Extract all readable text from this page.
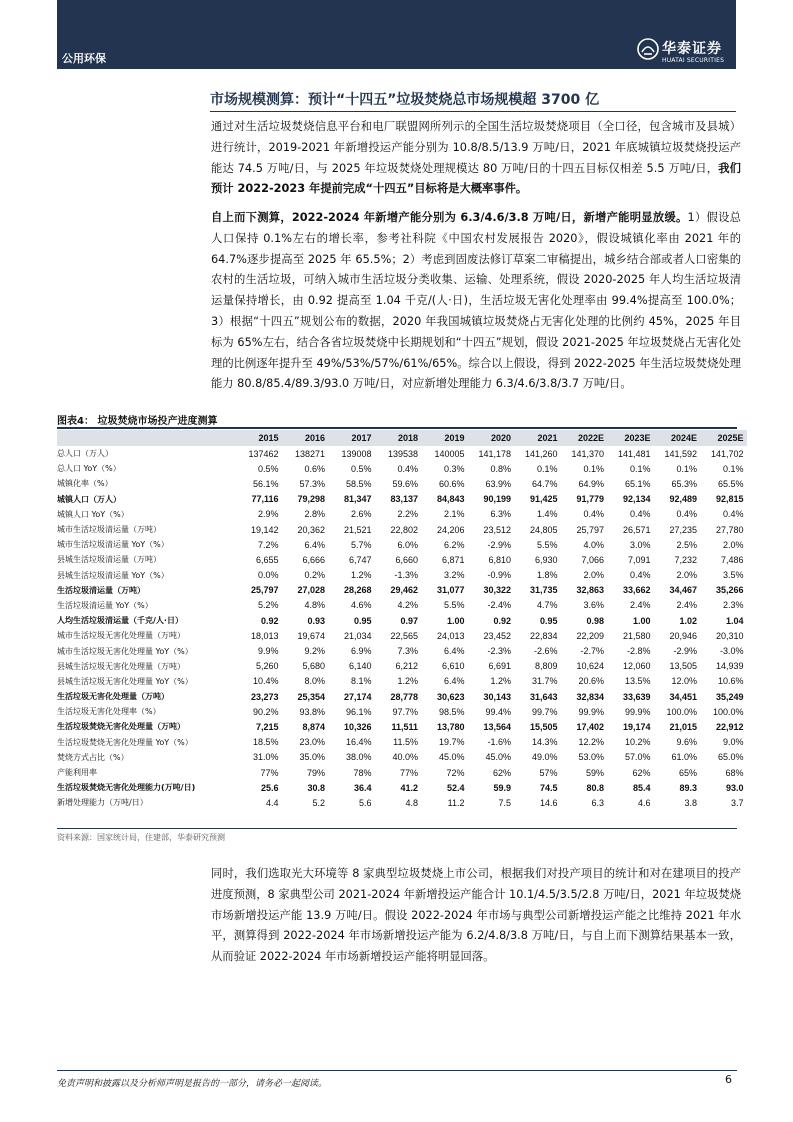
公用环保
华泰证券
HUATAI SECURITIES
市场规模测算：预计“十四五”垃圾焚烧总市场规模超 3700 亿
通过对生活垃圾焚烧信息平台和电厂联盟网所列示的全国生活垃圾焚烧项目（全口径，包含城市及县城）进行统计，2019-2021 年新增投运产能分别为 10.8/8.5/13.9 万吨/日，2021 年底城镇垃圾焚烧投运产能达 74.5 万吨/日，与 2025 年垃圾焚烧处理规模达 80 万吨/日的十四五目标仅相差 5.5 万吨/日，我们预计 2022-2023 年提前完成“十四五”目标将是大概率事件。
自上而下测算，2022-2024 年新增产能分别为 6.3/4.6/3.8 万吨/日，新增产能明显放缓。1）假设总人口保持 0.1%左右的增长率，参考社科院《中国农村发展报告 2020》，假设城镇化率由 2021 年的 64.7%逐步提高至 2025 年 65.5%；2）考虑到固废法修订草案二审稿提出，城乡结合部或者人口密集的农村的生活垃圾，可纳入城市生活垃圾分类收集、运输、处理系统，假设 2020-2025 年人均生活垃圾清运量保持增长，由 0.92 提高至 1.04 千克/(人·日)，生活垃圾无害化处理率由 99.4%提高至 100.0%；3）根据“十四五”规划公布的数据，2020 年我国城镇垃圾焚烧占无害化处理的比例约 45%，2025 年目标为 65%左右，结合各省垃圾焚烧中长期规划和“十四五”规划，假设 2021-2025 年垃圾焚烧占无害化处理的比例逐年提升至 49%/53%/57%/61%/65%。综合以上假设，得到 2022-2025 年生活垃圾焚烧处理能力 80.8/85.4/89.3/93.0 万吨/日，对应新增处理能力 6.3/4.6/3.8/3.7 万吨/日。
图表4： 垃圾焚烧市场投产进度测算
	2015	2016	2017	2018	2019	2020	2021	2022E	2023E	2024E	2025E
总人口（万人）	137462	138271	139008	139538	140005	141,178	141,260	141,370	141,481	141,592	141,702
总人口 YoY（%）	0.5%	0.6%	0.5%	0.4%	0.3%	0.8%	0.1%	0.1%	0.1%	0.1%	0.1%
城镇化率（%）	56.1%	57.3%	58.5%	59.6%	60.6%	63.9%	64.7%	64.9%	65.1%	65.3%	65.5%
城镇人口（万人）	77,116	79,298	81,347	83,137	84,843	90,199	91,425	91,779	92,134	92,489	92,815
城镇人口 YoY（%）	2.9%	2.8%	2.6%	2.2%	2.1%	6.3%	1.4%	0.4%	0.4%	0.4%	0.4%
城市生活垃圾清运量（万吨）	19,142	20,362	21,521	22,802	24,206	23,512	24,805	25,797	26,571	27,235	27,780
城市生活垃圾清运量 YoY（%）	7.2%	6.4%	5.7%	6.0%	6.2%	-2.9%	5.5%	4.0%	3.0%	2.5%	2.0%
县城生活垃圾清运量（万吨）	6,655	6,666	6,747	6,660	6,871	6,810	6,930	7,066	7,091	7,232	7,486
县城生活垃圾清运量 YoY（%）	0.0%	0.2%	1.2%	-1.3%	3.2%	-0.9%	1.8%	2.0%	0.4%	2.0%	3.5%
生活垃圾清运量（万吨）	25,797	27,028	28,268	29,462	31,077	30,322	31,735	32,863	33,662	34,467	35,266
生活垃圾清运量 YoY（%）	5.2%	4.8%	4.6%	4.2%	5.5%	-2.4%	4.7%	3.6%	2.4%	2.4%	2.3%
人均生活垃圾清运量（千克/人·日）	0.92	0.93	0.95	0.97	1.00	0.92	0.95	0.98	1.00	1.02	1.04
城市生活垃圾无害化处理量（万吨）	18,013	19,674	21,034	22,565	24,013	23,452	22,834	22,209	21,580	20,946	20,310
城市生活垃圾无害化处理量 YoY（%）	9.9%	9.2%	6.9%	7.3%	6.4%	-2.3%	-2.6%	-2.7%	-2.8%	-2.9%	-3.0%
县城生活垃圾无害化处理量（万吨）	5,260	5,680	6,140	6,212	6,610	6,691	8,809	10,624	12,060	13,505	14,939
县城生活垃圾无害化处理量 YoY（%）	10.4%	8.0%	8.1%	1.2%	6.4%	1.2%	31.7%	20.6%	13.5%	12.0%	10.6%
生活垃圾无害化处理量（万吨）	23,273	25,354	27,174	28,778	30,623	30,143	31,643	32,834	33,639	34,451	35,249
生活垃圾无害化处理率（%）	90.2%	93.8%	96.1%	97.7%	98.5%	99.4%	99.7%	99.9%	99.9%	100.0%	100.0%
生活垃圾焚烧无害化处理量（万吨）	7,215	8,874	10,326	11,511	13,780	13,564	15,505	17,402	19,174	21,015	22,912
生活垃圾焚烧无害化处理量 YoY（%）	18.5%	23.0%	16.4%	11.5%	19.7%	-1.6%	14.3%	12.2%	10.2%	9.6%	9.0%
焚烧方式占比（%）	31.0%	35.0%	38.0%	40.0%	45.0%	45.0%	49.0%	53.0%	57.0%	61.0%	65.0%
产能利用率	77%	79%	78%	77%	72%	62%	57%	59%	62%	65%	68%
生活垃圾焚烧无害化处理能力(万吨/日)	25.6	30.8	36.4	41.2	52.4	59.9	74.5	80.8	85.4	89.3	93.0
新增处理能力（万吨/日）	4.4	5.2	5.6	4.8	11.2	7.5	14.6	6.3	4.6	3.8	3.7
资料来源：国家统计局，住建部，华泰研究预测
同时，我们选取光大环境等 8 家典型垃圾焚烧上市公司，根据我们对投产项目的统计和对在建项目的投产进度预测，8 家典型公司 2021-2024 年新增投运产能合计 10.1/4.5/3.5/2.8 万吨/日，2021 年垃圾焚烧市场新增投运产能 13.9 万吨/日。假设 2022-2024 年市场与典型公司新增投运产能之比维持 2021 年水平，测算得到 2022-2024 年市场新增投运产能为 6.2/4.8/3.8 万吨/日，与自上而下测算结果基本一致，从而验证 2022-2024 年市场新增投运产能将明显回落。
免责声明和披露以及分析师声明是报告的一部分，请务必一起阅读。	6
